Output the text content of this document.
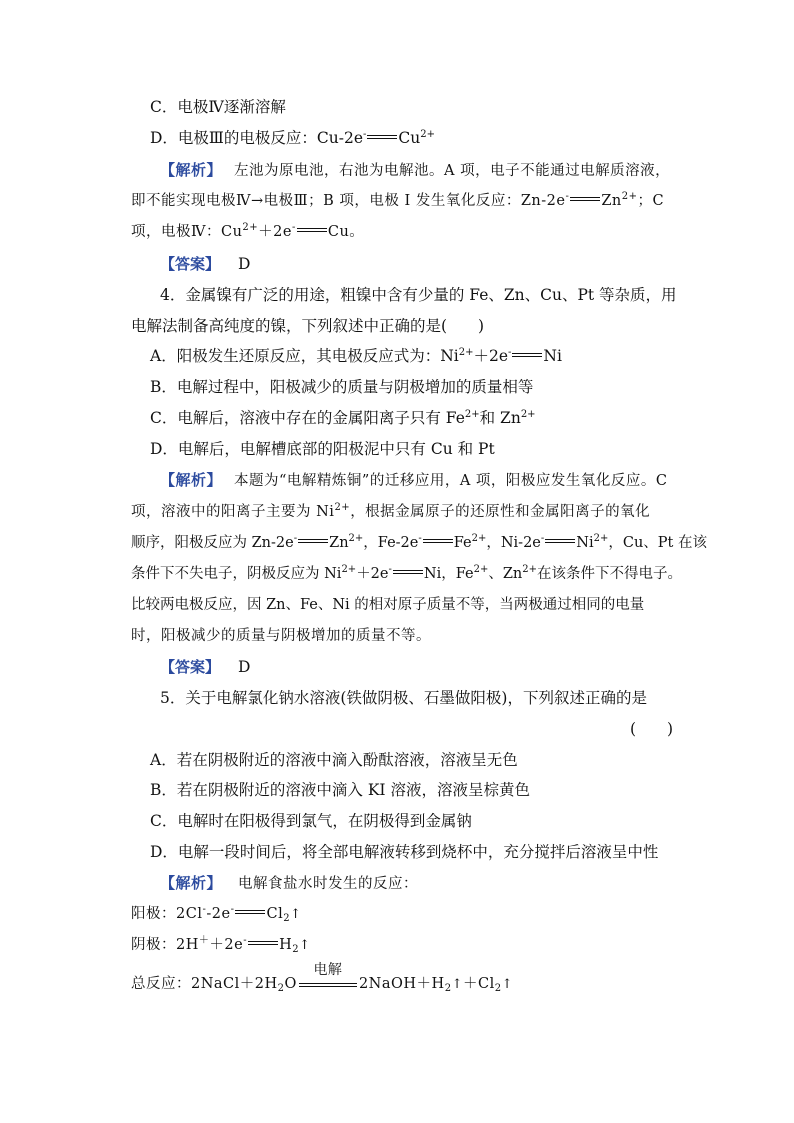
C．电极Ⅳ逐渐溶解
D．电极Ⅲ的电极反应：Cu-2e- $Cu^{2+}$
【解析】 左池为原电池，右池为电解池。A 项，电子不能通过电解质溶液，
即不能实现电极Ⅳ→电极Ⅲ；B 项，电极 Ⅰ 发生氧化反应：Zn-2e- $Zn^{2+}$；C
项，电极Ⅳ：$Cu^{2+}+2e^-$ Cu。
【答案】 D
4．金属镍有广泛的用途，粗镍中含有少量的 Fe、Zn、Cu、Pt 等杂质，用
电解法制备高纯度的镍，下列叙述中正确的是(　　)
A．阳极发生还原反应，其电极反应式为：$Ni^{2+}+2e^-$ Ni
B．电解过程中，阳极减少的质量与阴极增加的质量相等
C．电解后，溶液中存在的金属阳离子只有 $Fe^{2+}$和 $Zn^{2+}$
D．电解后，电解槽底部的阳极泥中只有 Cu 和 Pt
【解析】 本题为“电解精炼铜”的迁移应用，A 项，阳极应发生氧化反应。C
项，溶液中的阳离子主要为 $Ni^{2+}$，根据金属原子的还原性和金属阳离子的氧化
顺序，阳极反应为 Zn-2e- $Zn^{2+}$，Fe-2e- $Fe^{2+}$，Ni-2e- $Ni^{2+}$，Cu、Pt 在该
条件下不失电子，阴极反应为 $Ni^{2+}+2e^-$ Ni，$Fe^{2+}$、$Zn^{2+}$在该条件下不得电子。
比较两电极反应，因 Zn、Fe、Ni 的相对原子质量不等，当两极通过相同的电量
时，阳极减少的质量与阴极增加的质量不等。
【答案】 D
5．关于电解氯化钠水溶液(铁做阴极、石墨做阳极)，下列叙述正确的是
(　　)
A．若在阴极附近的溶液中滴入酚酞溶液，溶液呈无色
B．若在阴极附近的溶液中滴入 KI 溶液，溶液呈棕黄色
C．电解时在阳极得到氯气，在阴极得到金属钠
D．电解一段时间后，将全部电解液转移到烧杯中，充分搅拌后溶液呈中性
【解析】 电解食盐水时发生的反应：
阳极：2Cl--2e- $Cl_2↑$
阴极：2H＋＋2e- $H_2↑$
总反应：$2NaCl+2H_2O$
电解
$2NaOH+H_2↑+Cl_2↑$
